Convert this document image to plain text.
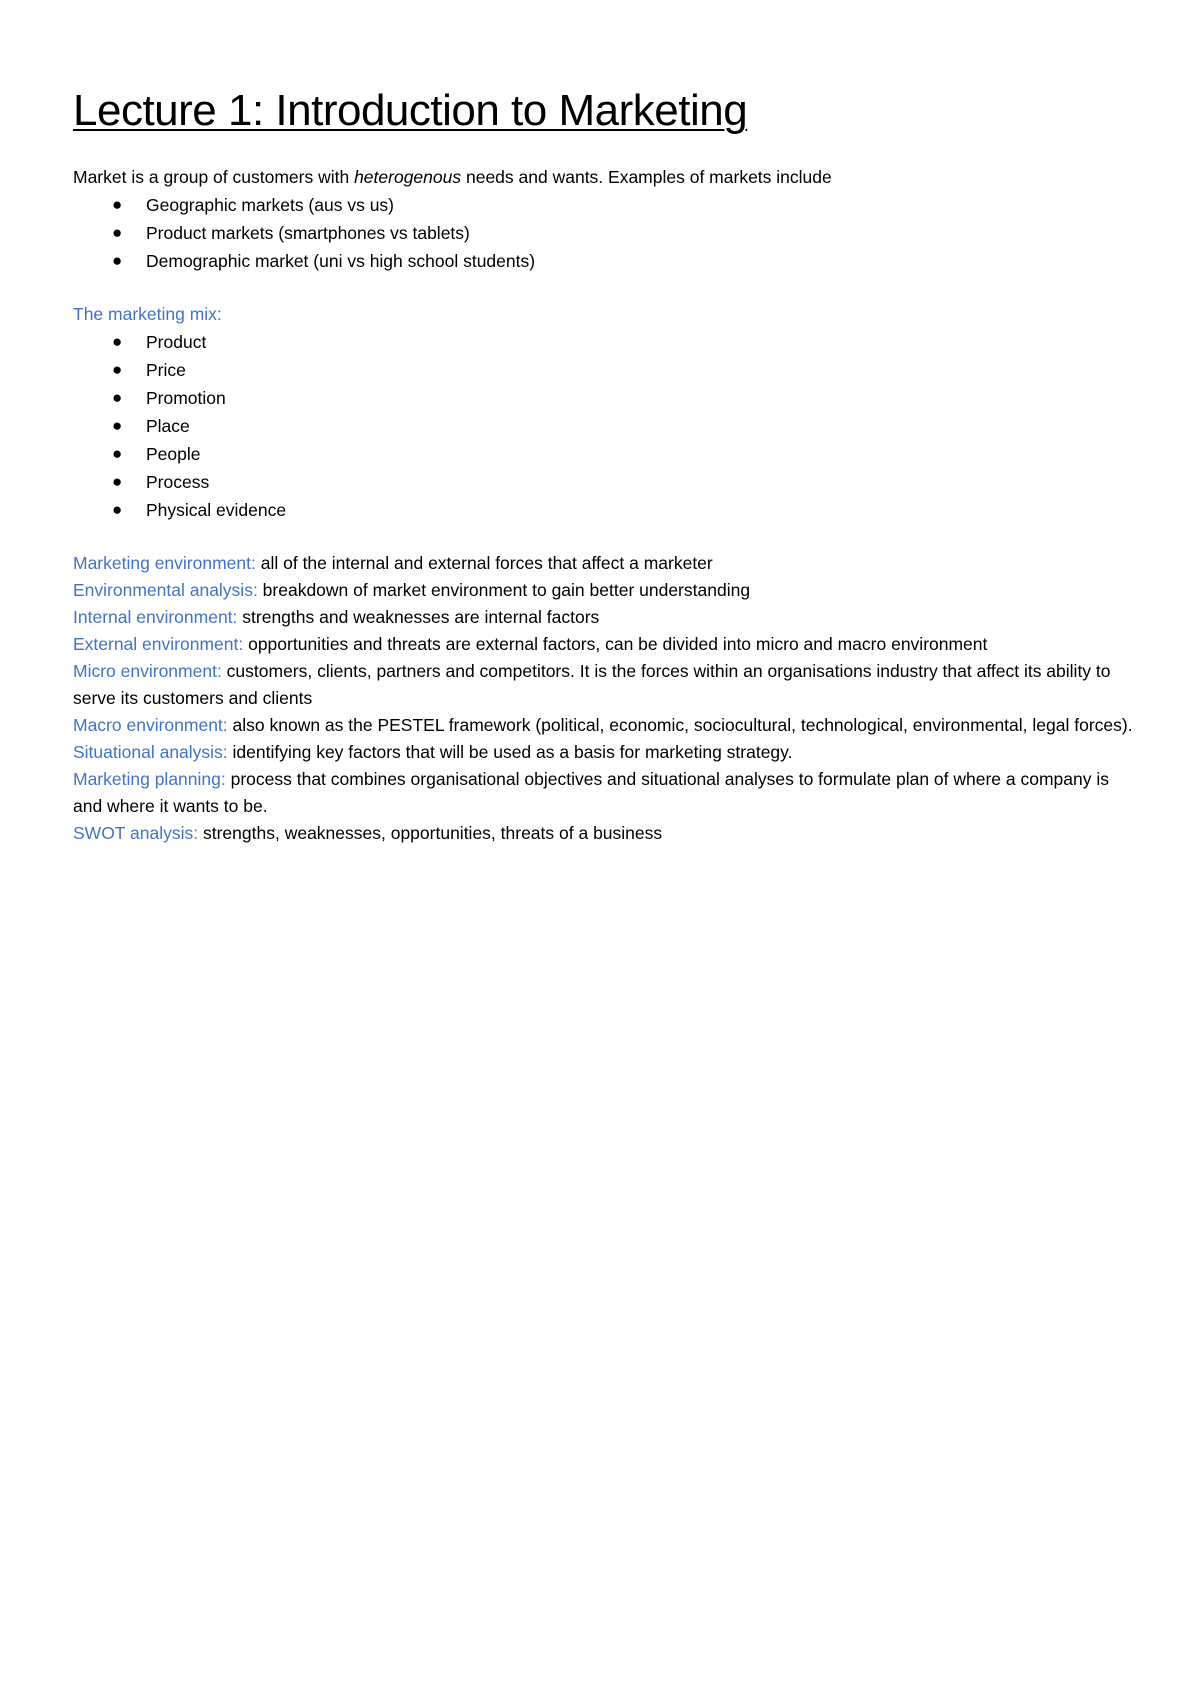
Lecture 1: Introduction to Marketing

Market is a group of customers with heterogenous needs and wants. Examples of markets include

● Geographic markets (aus vs us)
● Product markets (smartphones vs tablets)
● Demographic market (uni vs high school students)

The marketing mix:

● Product
● Price
● Promotion
● Place
● People
● Process
● Physical evidence

Marketing environment: all of the internal and external forces that affect a marketer

Environmental analysis: breakdown of market environment to gain better understanding

Internal environment: strengths and weaknesses are internal factors

External environment: opportunities and threats are external factors, can be divided into micro and macro environment

Micro environment: customers, clients, partners and competitors. It is the forces within an organisations industry that affect its ability to serve its customers and clients

Macro environment: also known as the PESTEL framework (political, economic, sociocultural, technological, environmental, legal forces).

Situational analysis: identifying key factors that will be used as a basis for marketing strategy.

Marketing planning: process that combines organisational objectives and situational analyses to formulate plan of where a company is and where it wants to be.

SWOT analysis: strengths, weaknesses, opportunities, threats of a business
